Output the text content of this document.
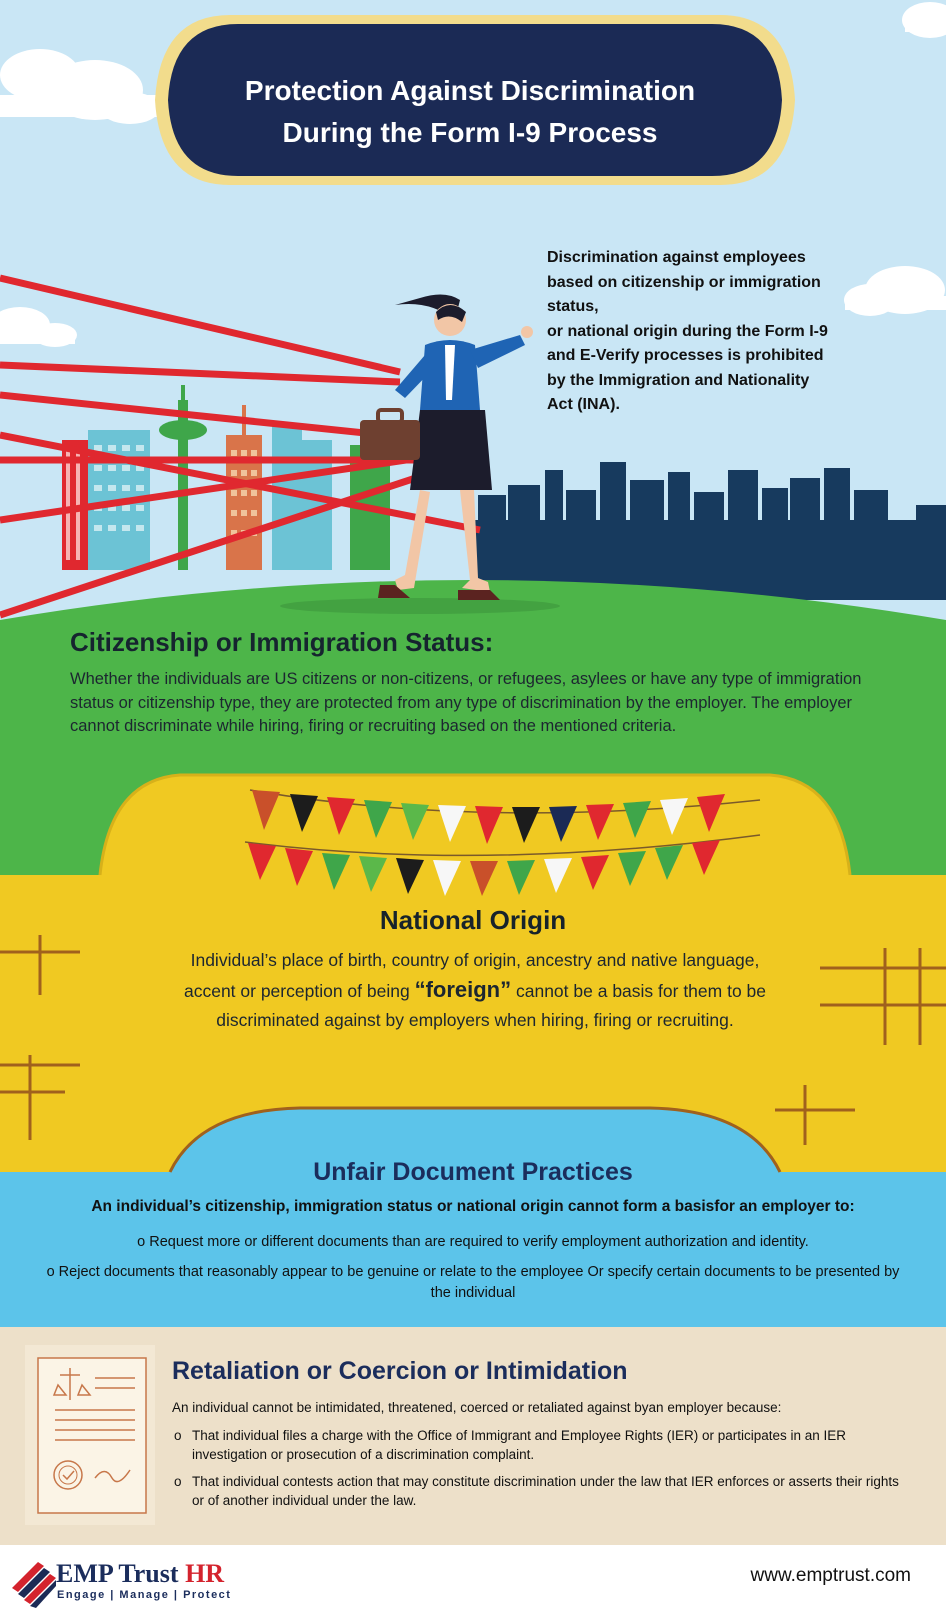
Protection Against Discrimination
During the Form I-9 Process
Discrimination against employees
based on citizenship or immigration
status,
or national origin during the Form I-9
and E-Verify processes is prohibited
by the Immigration and Nationality
Act (INA).
Citizenship or Immigration Status:
Whether the individuals are US citizens or non-citizens, or refugees, asylees or have any type of immigration status or citizenship type, they are protected from any type of discrimination by the employer. The employer cannot discriminate while hiring, firing or recruiting based on the mentioned criteria.
National Origin
Individual’s place of birth, country of origin, ancestry and native language, accent or perception of being “foreign” cannot be a basis for them to be discriminated against by employers when hiring, firing or recruiting.
Unfair Document Practices
An individual’s citizenship, immigration status or national origin cannot form a basisfor an employer to:
o Request more or different documents than are required to verify employment authorization and identity.
o Reject documents that reasonably appear to be genuine or relate to the employee Or specify certain documents to be presented by the individual
Retaliation or Coercion or Intimidation
An individual cannot be intimidated, threatened, coerced or retaliated against byan employer because:
o That individual files a charge with the Office of Immigrant and Employee Rights (IER) or participates in an IER investigation or prosecution of a discrimination complaint.
o That individual contests action that may constitute discrimination under the law that IER enforces or asserts their rights or of another individual under the law.
EMP Trust HR
Engage | Manage | Protect
www.emptrust.com
